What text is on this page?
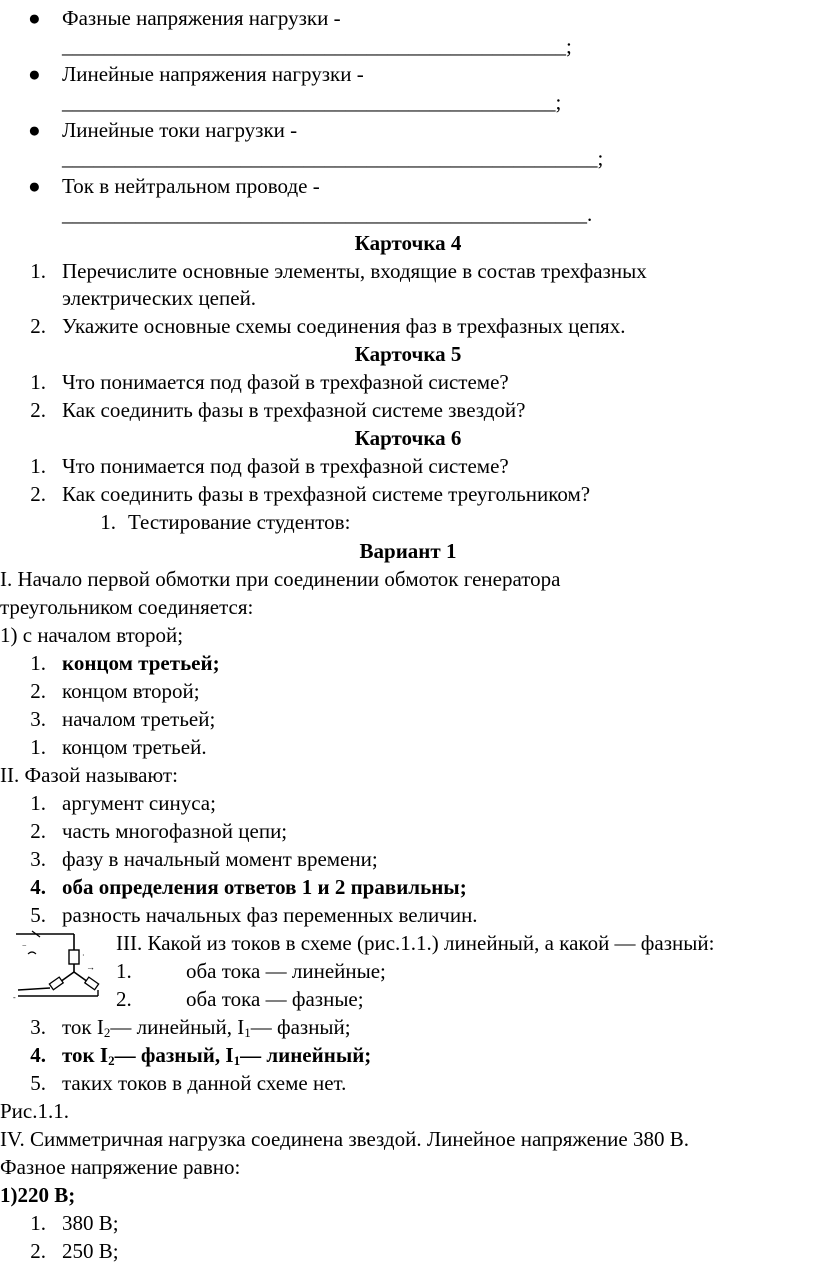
● Фазные напряжения нагрузки -
________________________________________________;
● Линейные напряжения нагрузки -
_______________________________________________;
● Линейные токи нагрузки -
___________________________________________________;
● Ток в нейтральном проводе -
__________________________________________________.
Карточка 4
1. Перечислите основные элементы, входящие в состав трехфазных
электрических цепей.
2. Укажите основные схемы соединения фаз в трехфазных цепях.
Карточка 5
1. Что понимается под фазой в трехфазной системе?
2. Как соединить фазы в трехфазной системе звездой?
Карточка 6
1. Что понимается под фазой в трехфазной системе?
2. Как соединить фазы в трехфазной системе треугольником?
1. Тестирование студентов:
Вариант 1
I. Начало первой обмотки при соединении обмоток генератора
треугольником соединяется:
1) с началом второй;
1. концом третьей;
2. концом второй;
3. началом третьей;
1. концом третьей.
II. Фазой называют:
1. аргумент синуса;
2. часть многофазной цепи;
3. фазу в начальный момент времени;
4. оба определения ответов 1 и 2 правильны;
5. разность начальных фаз переменных величин.
−
·
→
-
III. Какой из токов в схеме (рис.1.1.) линейный, а какой — фазный:
1.	оба тока — линейные;
2.	оба тока — фазные;
3. ток $I_2—$ линейный, $I_1—$ фазный;
4. ток $I_2—$ фазный, $I_1—$ линейный;
5. таких токов в данной схеме нет.
Рис.1.1.
IV. Симметричная нагрузка соединена звездой. Линейное напряжение 380 В.
Фазное напряжение равно:
1)220 В;
1. 380 В;
2. 250 В;
